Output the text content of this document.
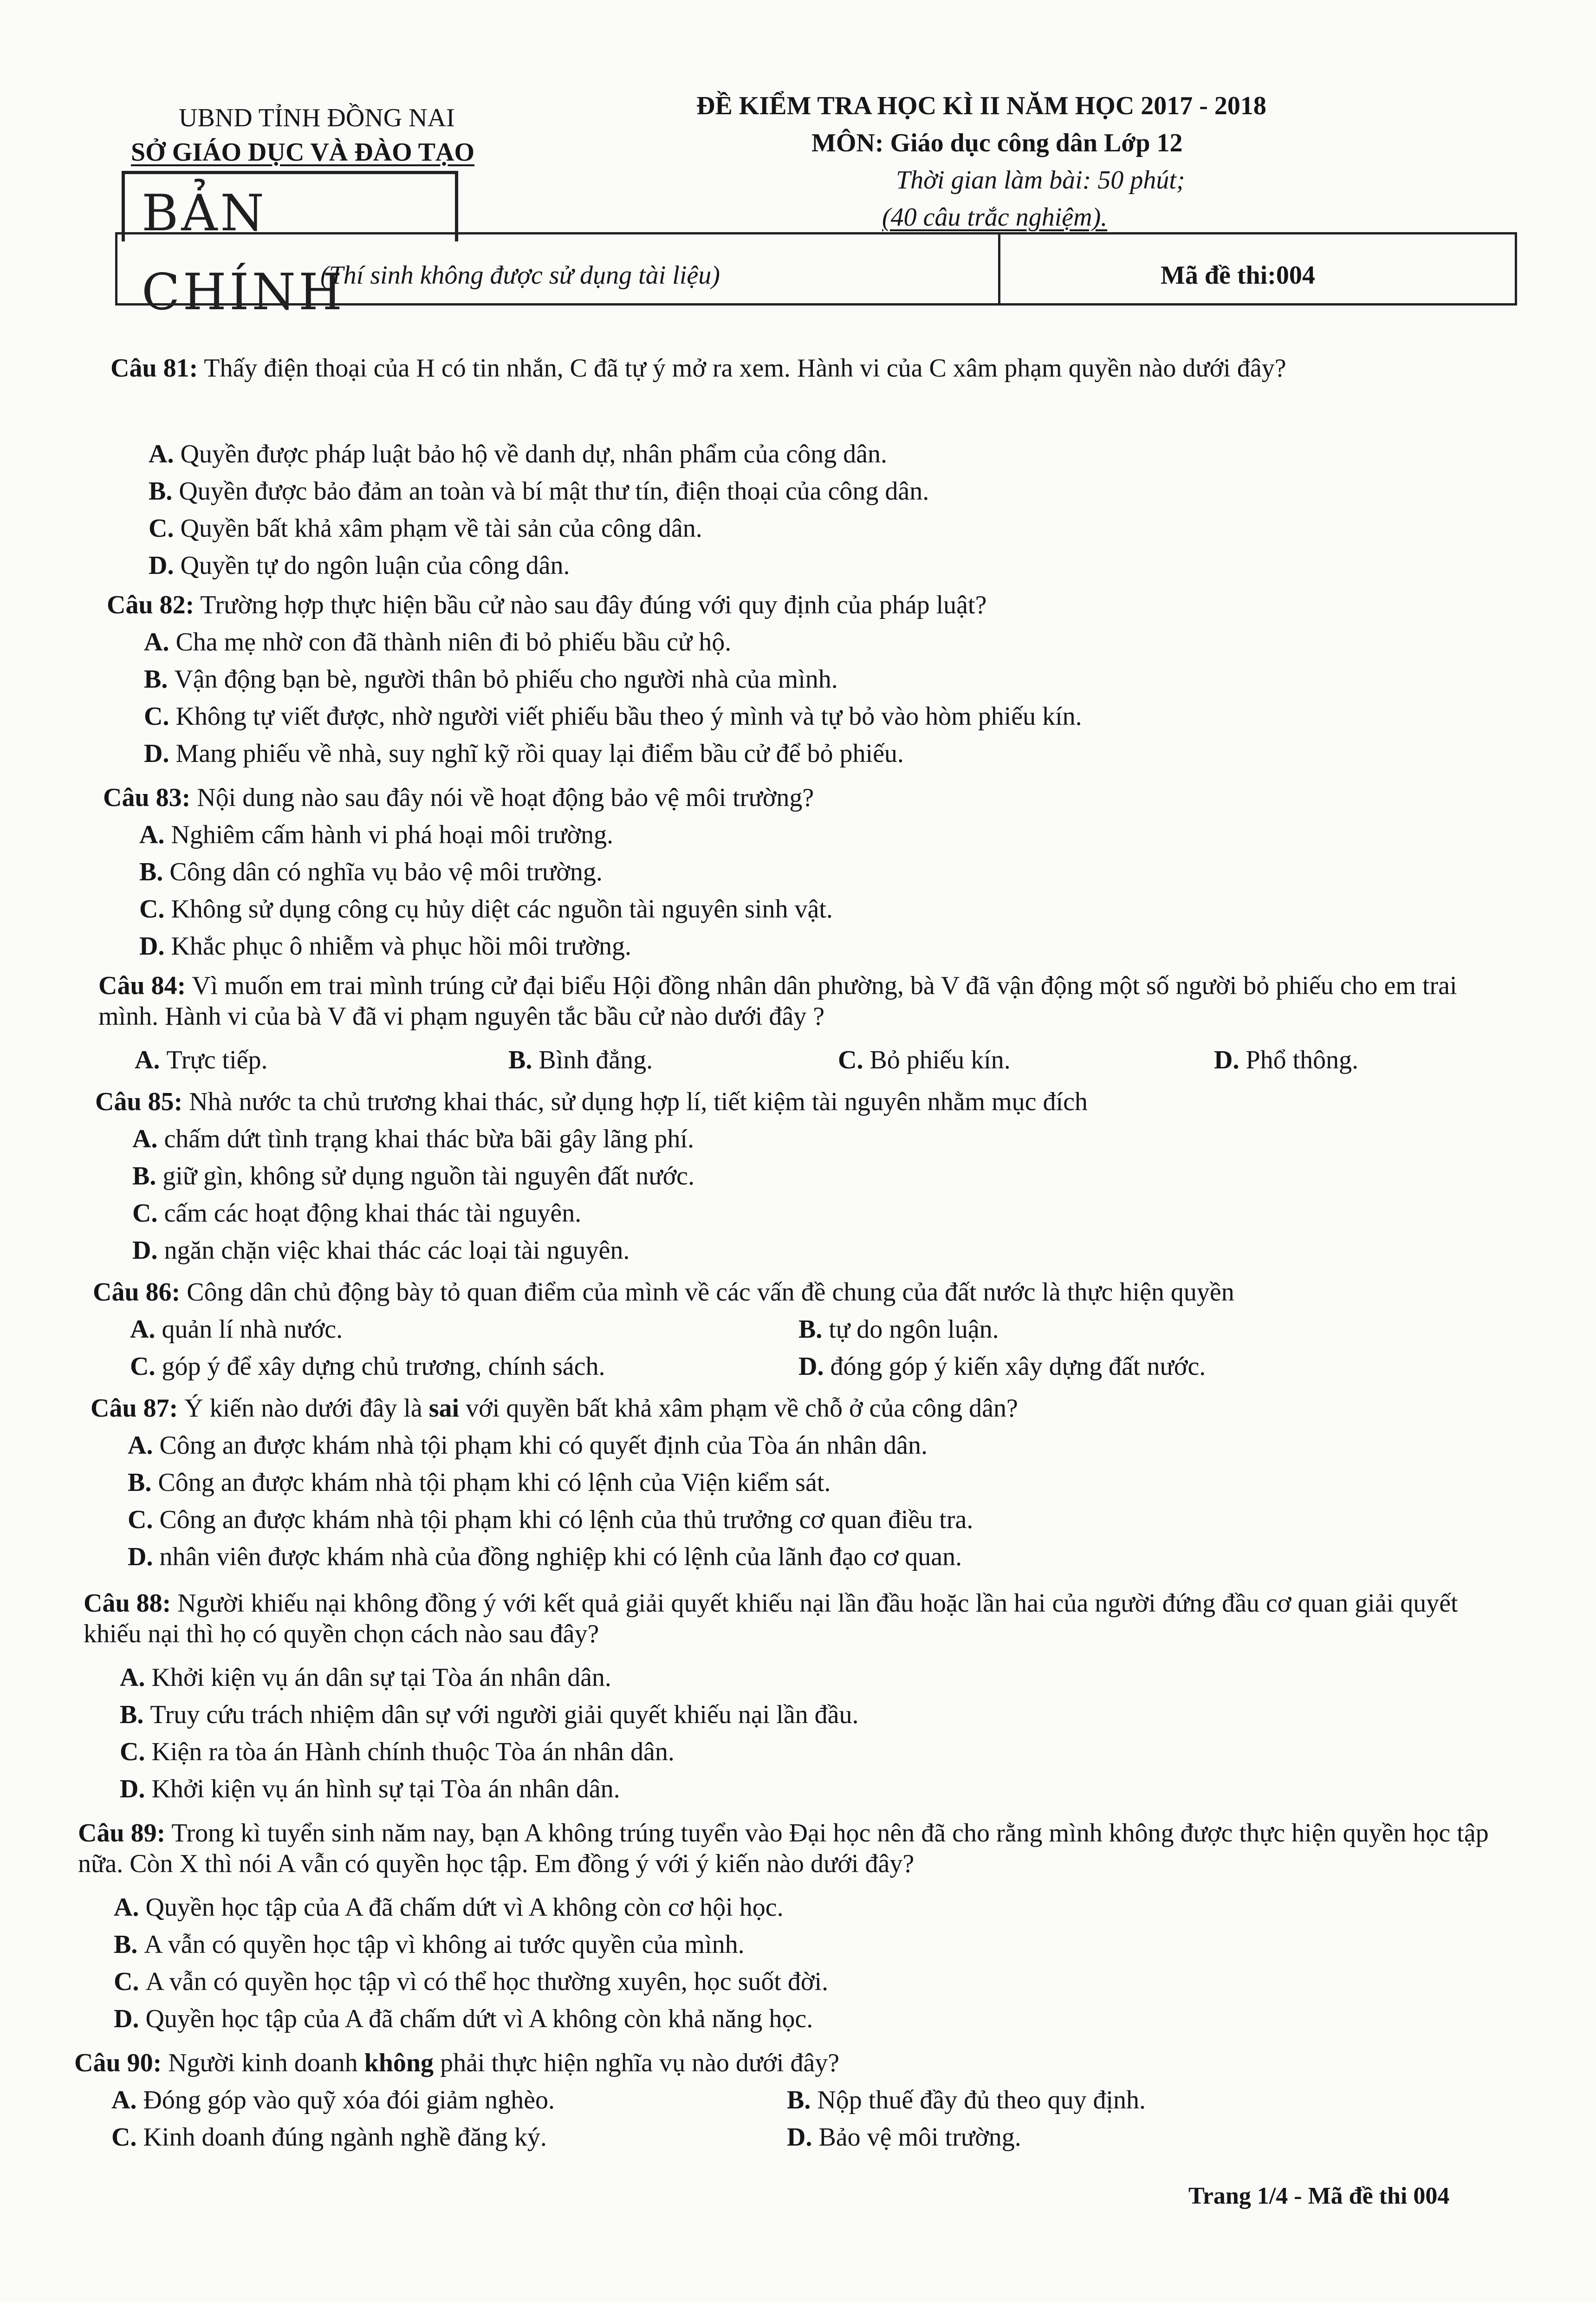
UBND TỈNH ĐỒNG NAI
SỞ GIÁO DỤC VÀ ĐÀO TẠO
ĐỀ KIỂM TRA HỌC KÌ II NĂM HỌC 2017 - 2018
MÔN: Giáo dục công dân Lớp 12
Thời gian làm bài: 50 phút;
(40 câu trắc nghiệm).
BẢN CHÍNH
(Thí sinh không được sử dụng tài liệu)	Mã đề thi:004
Câu 81: Thấy điện thoại của H có tin nhắn, C đã tự ý mở ra xem. Hành vi của C xâm phạm quyền nào dưới đây?
A. Quyền được pháp luật bảo hộ về danh dự, nhân phẩm của công dân.
B. Quyền được bảo đảm an toàn và bí mật thư tín, điện thoại của công dân.
C. Quyền bất khả xâm phạm về tài sản của công dân.
D. Quyền tự do ngôn luận của công dân.
Câu 82: Trường hợp thực hiện bầu cử nào sau đây đúng với quy định của pháp luật?
A. Cha mẹ nhờ con đã thành niên đi bỏ phiếu bầu cử hộ.
B. Vận động bạn bè, người thân bỏ phiếu cho người nhà của mình.
C. Không tự viết được, nhờ người viết phiếu bầu theo ý mình và tự bỏ vào hòm phiếu kín.
D. Mang phiếu về nhà, suy nghĩ kỹ rồi quay lại điểm bầu cử để bỏ phiếu.
Câu 83: Nội dung nào sau đây nói về hoạt động bảo vệ môi trường?
A. Nghiêm cấm hành vi phá hoại môi trường.
B. Công dân có nghĩa vụ bảo vệ môi trường.
C. Không sử dụng công cụ hủy diệt các nguồn tài nguyên sinh vật.
D. Khắc phục ô nhiễm và phục hồi môi trường.
Câu 84: Vì muốn em trai mình trúng cử đại biểu Hội đồng nhân dân phường, bà V đã vận động một số người bỏ phiếu cho em trai mình. Hành vi của bà V đã vi phạm nguyên tắc bầu cử nào dưới đây ?
A. Trực tiếp.	B. Bình đẳng.	C. Bỏ phiếu kín.	D. Phổ thông.
Câu 85: Nhà nước ta chủ trương khai thác, sử dụng hợp lí, tiết kiệm tài nguyên nhằm mục đích
A. chấm dứt tình trạng khai thác bừa bãi gây lãng phí.
B. giữ gìn, không sử dụng nguồn tài nguyên đất nước.
C. cấm các hoạt động khai thác tài nguyên.
D. ngăn chặn việc khai thác các loại tài nguyên.
Câu 86: Công dân chủ động bày tỏ quan điểm của mình về các vấn đề chung của đất nước là thực hiện quyền
A. quản lí nhà nước.	B. tự do ngôn luận.
C. góp ý để xây dựng chủ trương, chính sách.	D. đóng góp ý kiến xây dựng đất nước.
Câu 87: Ý kiến nào dưới đây là sai với quyền bất khả xâm phạm về chỗ ở của công dân?
A. Công an được khám nhà tội phạm khi có quyết định của Tòa án nhân dân.
B. Công an được khám nhà tội phạm khi có lệnh của Viện kiểm sát.
C. Công an được khám nhà tội phạm khi có lệnh của thủ trưởng cơ quan điều tra.
D. nhân viên được khám nhà của đồng nghiệp khi có lệnh của lãnh đạo cơ quan.
Câu 88: Người khiếu nại không đồng ý với kết quả giải quyết khiếu nại lần đầu hoặc lần hai của người đứng đầu cơ quan giải quyết khiếu nại thì họ có quyền chọn cách nào sau đây?
A. Khởi kiện vụ án dân sự tại Tòa án nhân dân.
B. Truy cứu trách nhiệm dân sự với người giải quyết khiếu nại lần đầu.
C. Kiện ra tòa án Hành chính thuộc Tòa án nhân dân.
D. Khởi kiện vụ án hình sự tại Tòa án nhân dân.
Câu 89: Trong kì tuyển sinh năm nay, bạn A không trúng tuyển vào Đại học nên đã cho rằng mình không được thực hiện quyền học tập nữa. Còn X thì nói A vẫn có quyền học tập. Em đồng ý với ý kiến nào dưới đây?
A. Quyền học tập của A đã chấm dứt vì A không còn cơ hội học.
B. A vẫn có quyền học tập vì không ai tước quyền của mình.
C. A vẫn có quyền học tập vì có thể học thường xuyên, học suốt đời.
D. Quyền học tập của A đã chấm dứt vì A không còn khả năng học.
Câu 90: Người kinh doanh không phải thực hiện nghĩa vụ nào dưới đây?
A. Đóng góp vào quỹ xóa đói giảm nghèo.	B. Nộp thuế đầy đủ theo quy định.
C. Kinh doanh đúng ngành nghề đăng ký.	D. Bảo vệ môi trường.
Trang 1/4 - Mã đề thi 004
